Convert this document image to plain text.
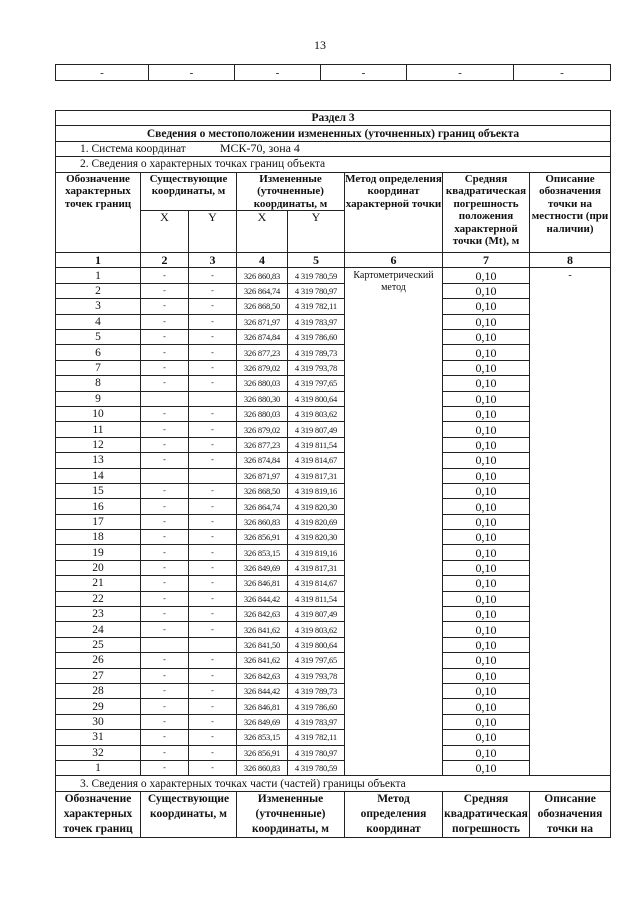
13
-	-	-	-	-	-
Раздел 3							
Сведения о местоположении измененных (уточненных) границ объекта							
1. Система координат МСК-70, зона 4							
2. Сведения о характерных точках границ объекта							
Обозначение характерных точек границ	Существующие координаты, м		Измененные (уточненные) координаты, м		Метод определения координат характерной точки	Средняя квадратическая погрешность положения характерной точки (Mt), м	Описание обозначения точки на местности (при наличии)
	X	Y	X	Y			
1	2	3	4	5	6	7	8
1	-	-	326 860,83	4 319 780,59	Картометрический метод	0,10	-
2	-	-	326 864,74	4 319 780,97		0,10	
3	-	-	326 868,50	4 319 782,11		0,10	
4	-	-	326 871,97	4 319 783,97		0,10	
5	-	-	326 874,84	4 319 786,60		0,10	
6	-	-	326 877,23	4 319 789,73		0,10	
7	-	-	326 879,02	4 319 793,78		0,10	
8	-	-	326 880,03	4 319 797,65		0,10	
9			326 880,30	4 319 800,64		0,10	
10	-	-	326 880,03	4 319 803,62		0,10	
11	-	-	326 879,02	4 319 807,49		0,10	
12	-	-	326 877,23	4 319 811,54		0,10	
13	-	-	326 874,84	4 319 814,67		0,10	
14			326 871,97	4 319 817,31		0,10	
15	-	-	326 868,50	4 319 819,16		0,10	
16	-	-	326 864,74	4 319 820,30		0,10	
17	-	-	326 860,83	4 319 820,69		0,10	
18	-	-	326 856,91	4 319 820,30		0,10	
19	-	-	326 853,15	4 319 819,16		0,10	
20	-	-	326 849,69	4 319 817,31		0,10	
21	-	-	326 846,81	4 319 814,67		0,10	
22	-	-	326 844,42	4 319 811,54		0,10	
23	-	-	326 842,63	4 319 807,49		0,10	
24	-	-	326 841,62	4 319 803,62		0,10	
25			326 841,50	4 319 800,64		0,10	
26	-	-	326 841,62	4 319 797,65		0,10	
27	-	-	326 842,63	4 319 793,78		0,10	
28	-	-	326 844,42	4 319 789,73		0,10	
29	-	-	326 846,81	4 319 786,60		0,10	
30	-	-	326 849,69	4 319 783,97		0,10	
31	-	-	326 853,15	4 319 782,11		0,10	
32	-	-	326 856,91	4 319 780,97		0,10	
1	-	-	326 860,83	4 319 780,59		0,10	
3. Сведения о характерных точках части (частей) границы объекта							
Обозначение характерных точек границ	Существующие координаты, м		Измененные (уточненные) координаты, м		Метод определения координат	Средняя квадратическая погрешность	Описание обозначения точки на
